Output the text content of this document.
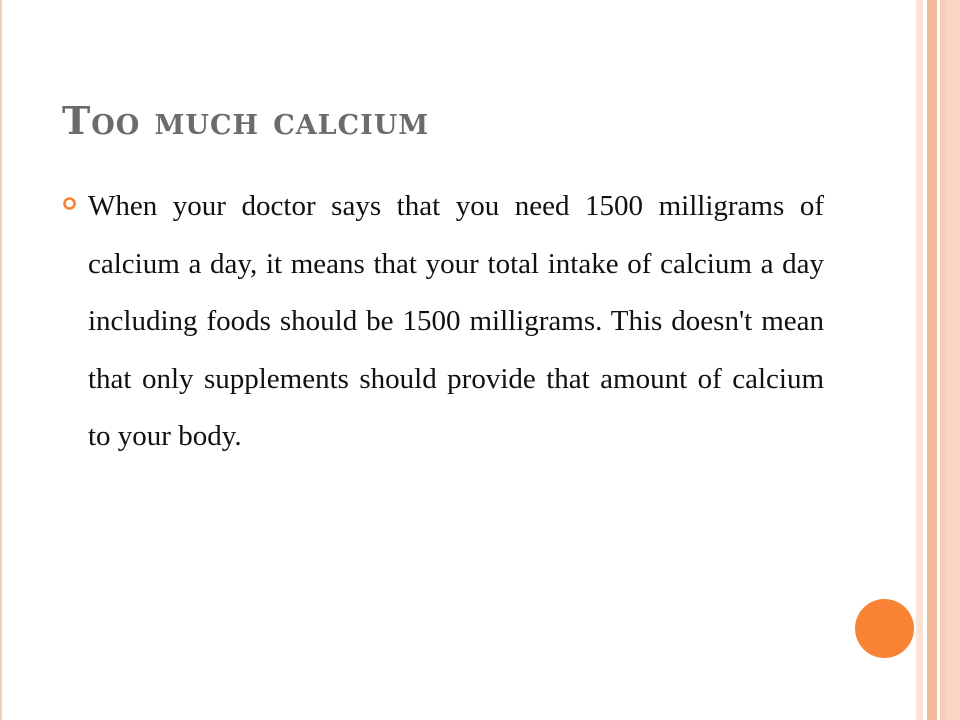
Too much calcium

When your doctor says that you need 1500 milligrams of calcium a day, it means that your total intake of calcium a day including foods should be 1500 milligrams. This doesn't mean that only supplements should provide that amount of calcium to your body.
